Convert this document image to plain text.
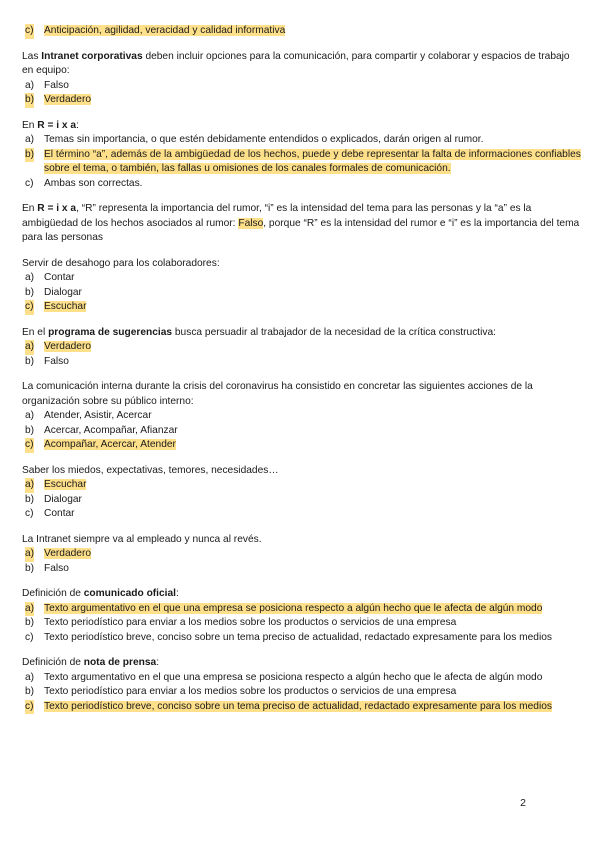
c) Anticipación, agilidad, veracidad y calidad informativa

Las Intranet corporativas deben incluir opciones para la comunicación, para compartir y colaborar y espacios de trabajo en equipo:

a) Falso

b) Verdadero

En R = i x a:

a) Temas sin importancia, o que estén debidamente entendidos o explicados, darán origen al rumor.

b) El término “a”, además de la ambigüedad de los hechos, puede y debe representar la falta de informaciones confiables sobre el tema, o también, las fallas u omisiones de los canales formales de comunicación.

c) Ambas son correctas.

En R = i x a, “R” representa la importancia del rumor, “i” es la intensidad del tema para las personas y la “a” es la ambigüedad de los hechos asociados al rumor: Falso, porque “R” es la intensidad del rumor e “i” es la importancia del tema para las personas

Servir de desahogo para los colaboradores:

a) Contar

b) Dialogar

c) Escuchar

En el programa de sugerencias busca persuadir al trabajador de la necesidad de la crítica constructiva:

a) Verdadero

b) Falso

La comunicación interna durante la crisis del coronavirus ha consistido en concretar las siguientes acciones de la organización sobre su público interno:

a) Atender, Asistir, Acercar

b) Acercar, Acompañar, Afianzar

c) Acompañar, Acercar, Atender

Saber los miedos, expectativas, temores, necesidades…

a) Escuchar

b) Dialogar

c) Contar

La Intranet siempre va al empleado y nunca al revés.

a) Verdadero

b) Falso

Definición de comunicado oficial:

a) Texto argumentativo en el que una empresa se posiciona respecto a algún hecho que le afecta de algún modo

b) Texto periodístico para enviar a los medios sobre los productos o servicios de una empresa

c) Texto periodístico breve, conciso sobre un tema preciso de actualidad, redactado expresamente para los medios

Definición de nota de prensa:

a) Texto argumentativo en el que una empresa se posiciona respecto a algún hecho que le afecta de algún modo

b) Texto periodístico para enviar a los medios sobre los productos o servicios de una empresa

c) Texto periodístico breve, conciso sobre un tema preciso de actualidad, redactado expresamente para los medios

2
